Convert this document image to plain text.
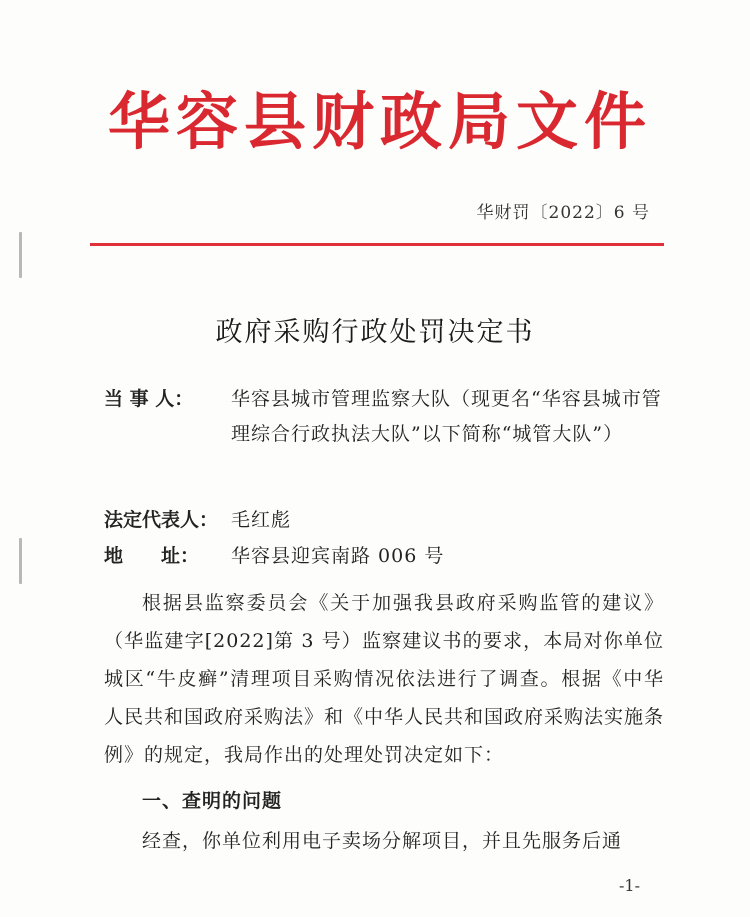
华容县财政局文件
华财罚〔2022〕6 号
政府采购行政处罚决定书
当 事 人：	华容县城市管理监察大队（现更名“华容县城市管理综合行政执法大队”以下简称“城管大队”）
法定代表人： 毛红彪
地　　址：	华容县迎宾南路 006 号
根据县监察委员会《关于加强我县政府采购监管的建议》（华监建字[2022]第 3 号）监察建议书的要求，本局对你单位城区“牛皮癣”清理项目采购情况依法进行了调查。根据《中华人民共和国政府采购法》和《中华人民共和国政府采购法实施条例》的规定，我局作出的处理处罚决定如下：
一、查明的问题
经查，你单位利用电子卖场分解项目，并且先服务后通
-1-
